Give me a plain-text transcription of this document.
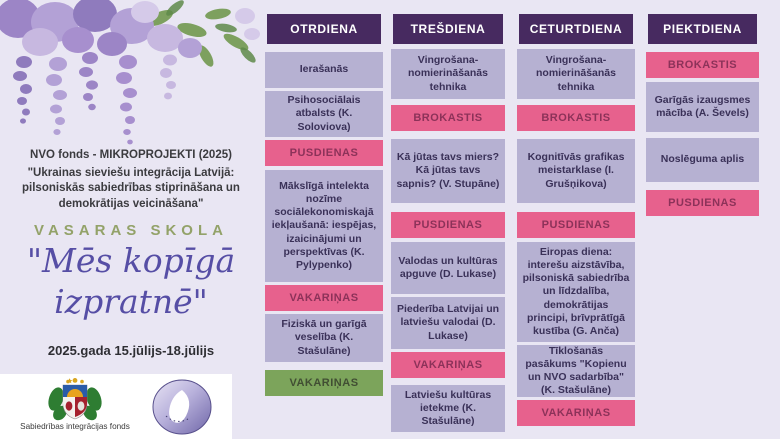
NVO fonds - MIKROPROJEKTI (2025)
"Ukrainas sieviešu integrācija Latvijā: pilsoniskās sabiedrības stiprināšana un demokrātijas veicināšana"
VASARAS SKOLA
"Mēs kopīgā
izpratnē"
2025.gada 15.jūlijs-18.jūlijs
Sabiedrības integrācijas fonds
OTRDIENA
Ierašanās
Psihosociālais atbalsts (K. Soloviova)
PUSDIENAS
Mākslīgā intelekta nozīme sociālekonomiskajā iekļaušanā: iespējas, izaicinājumi un perspektīvas (K. Pylypenko)
VAKARIŅAS
Fiziskā un garīgā veselība (K. Stašulāne)
VAKARIŅAS
TREŠDIENA
Vingrošana-nomierināšanās tehnika
BROKASTIS
Kā jūtas tavs miers? Kā jūtas tavs sapnis? (V. Stupāne)
PUSDIENAS
Valodas un kultūras apguve (D. Lukase)
Piederība Latvijai un latviešu valodai (D. Lukase)
VAKARIŅAS
Latviešu kultūras ietekme (K. Stašulāne)
CETURTDIENA
Vingrošana-nomierināšanās tehnika
BROKASTIS
Kognitīvās grafikas meistarklase (I. Grušņikova)
PUSDIENAS
Eiropas diena: interešu aizstāvība, pilsoniskā sabiedrība un līdzdalība, demokrātijas principi, brīvprātīgā kustība (G. Anča)
Tīklošanās pasākums "Kopienu un NVO sadarbība" (K. Stašulāne)
VAKARIŅAS
PIEKTDIENA
BROKASTIS
Garīgās izaugsmes mācība (A. Ševels)
Noslēguma aplis
PUSDIENAS
